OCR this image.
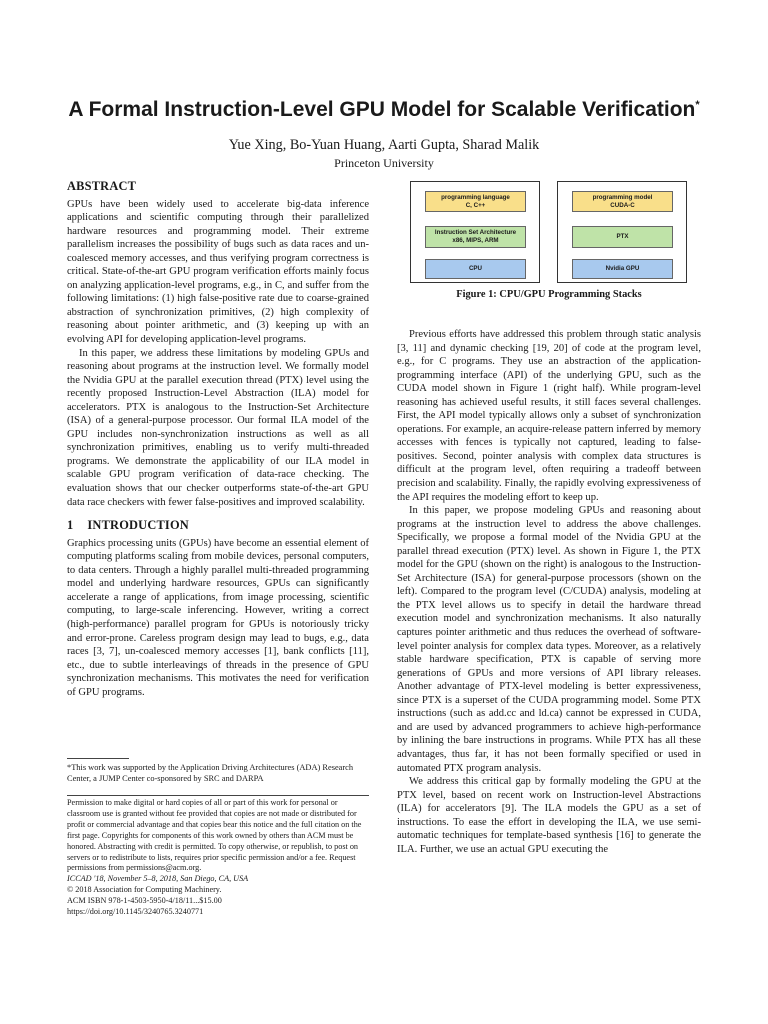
A Formal Instruction-Level GPU Model for Scalable Verification*
Yue Xing, Bo-Yuan Huang, Aarti Gupta, Sharad Malik
Princeton University
ABSTRACT

GPUs have been widely used to accelerate big-data inference applications and scientific computing through their parallelized hardware resources and programming model. Their extreme parallelism increases the possibility of bugs such as data races and un-coalesced memory accesses, and thus verifying program correctness is critical. State-of-the-art GPU program verification efforts mainly focus on analyzing application-level programs, e.g., in C, and suffer from the following limitations: (1) high false-positive rate due to coarse-grained abstraction of synchronization primitives, (2) high complexity of reasoning about pointer arithmetic, and (3) keeping up with an evolving API for developing application-level programs.

In this paper, we address these limitations by modeling GPUs and reasoning about programs at the instruction level. We formally model the Nvidia GPU at the parallel execution thread (PTX) level using the recently proposed Instruction-Level Abstraction (ILA) model for accelerators. PTX is analogous to the Instruction-Set Architecture (ISA) of a general-purpose processor. Our formal ILA model of the GPU includes non-synchronization instructions as well as all synchronization primitives, enabling us to verify multi-threaded programs. We demonstrate the applicability of our ILA model in scalable GPU program verification of data-race checking. The evaluation shows that our checker outperforms state-of-the-art GPU data race checkers with fewer false-positives and improved scalability.

1 INTRODUCTION

Graphics processing units (GPUs) have become an essential element of computing platforms scaling from mobile devices, personal computers, to data centers. Through a highly parallel multi-threaded programming model and underlying hardware resources, GPUs can significantly accelerate a range of applications, from image processing, scientific computing, to large-scale inferencing. However, writing a correct (high-performance) parallel program for GPUs is notoriously tricky and error-prone. Careless program design may lead to bugs, e.g., data races [3, 7], un-coalesced memory accesses [1], bank conflicts [11], etc., due to subtle interleavings of threads in the presence of GPU synchronization mechanisms. This motivates the need for verification of GPU programs.

*This work was supported by the Application Driving Architectures (ADA) Research Center, a JUMP Center co-sponsored by SRC and DARPA
Permission to make digital or hard copies of all or part of this work for personal or classroom use is granted without fee provided that copies are not made or distributed for profit or commercial advantage and that copies bear this notice and the full citation on the first page. Copyrights for components of this work owned by others than ACM must be honored. Abstracting with credit is permitted. To copy otherwise, or republish, to post on servers or to redistribute to lists, requires prior specific permission and/or a fee. Request permissions from permissions@acm.org.
ICCAD '18, November 5–8, 2018, San Diego, CA, USA
© 2018 Association for Computing Machinery.
ACM ISBN 978-1-4503-5950-4/18/11...$15.00
https://doi.org/10.1145/3240765.3240771
programming language
C, C++
Instruction Set Architecture
x86, MIPS, ARM
CPU
programming model
CUDA-C
PTX
Nvidia GPU
Figure 1: CPU/GPU Programming Stacks

Previous efforts have addressed this problem through static analysis [3, 11] and dynamic checking [19, 20] of code at the program level, e.g., for C programs. They use an abstraction of the application-programming interface (API) of the underlying GPU, such as the CUDA model shown in Figure 1 (right half). While program-level reasoning has achieved useful results, it still faces several challenges. First, the API model typically allows only a subset of synchronization operations. For example, an acquire-release pattern inferred by memory accesses with fences is typically not captured, leading to false-positives. Second, pointer analysis with complex data structures is difficult at the program level, often requiring a tradeoff between precision and scalability. Finally, the rapidly evolving expressiveness of the API requires the modeling effort to keep up.

In this paper, we propose modeling GPUs and reasoning about programs at the instruction level to address the above challenges. Specifically, we propose a formal model of the Nvidia GPU at the parallel thread execution (PTX) level. As shown in Figure 1, the PTX model for the GPU (shown on the right) is analogous to the Instruction-Set Architecture (ISA) for general-purpose processors (shown on the left). Compared to the program level (C/CUDA) analysis, modeling at the PTX level allows us to specify in detail the hardware thread execution model and synchronization mechanisms. It also naturally captures pointer arithmetic and thus reduces the overhead of software-level pointer analysis for complex data types. Moreover, as a relatively stable hardware specification, PTX is capable of serving more generations of GPUs and more versions of API library releases. Another advantage of PTX-level modeling is better expressiveness, since PTX is a superset of the CUDA programming model. Some PTX instructions (such as add.cc and ld.ca) cannot be expressed in CUDA, and are used by advanced programmers to achieve high-performance by inlining the bare instructions in programs. While PTX has all these advantages, thus far, it has not been formally specified or used in automated PTX program analysis.

We address this critical gap by formally modeling the GPU at the PTX level, based on recent work on Instruction-level Abstractions (ILA) for accelerators [9]. The ILA models the GPU as a set of instructions. To ease the effort in developing the ILA, we use semi-automatic techniques for template-based synthesis [16] to generate the ILA. Further, we use an actual GPU executing the
